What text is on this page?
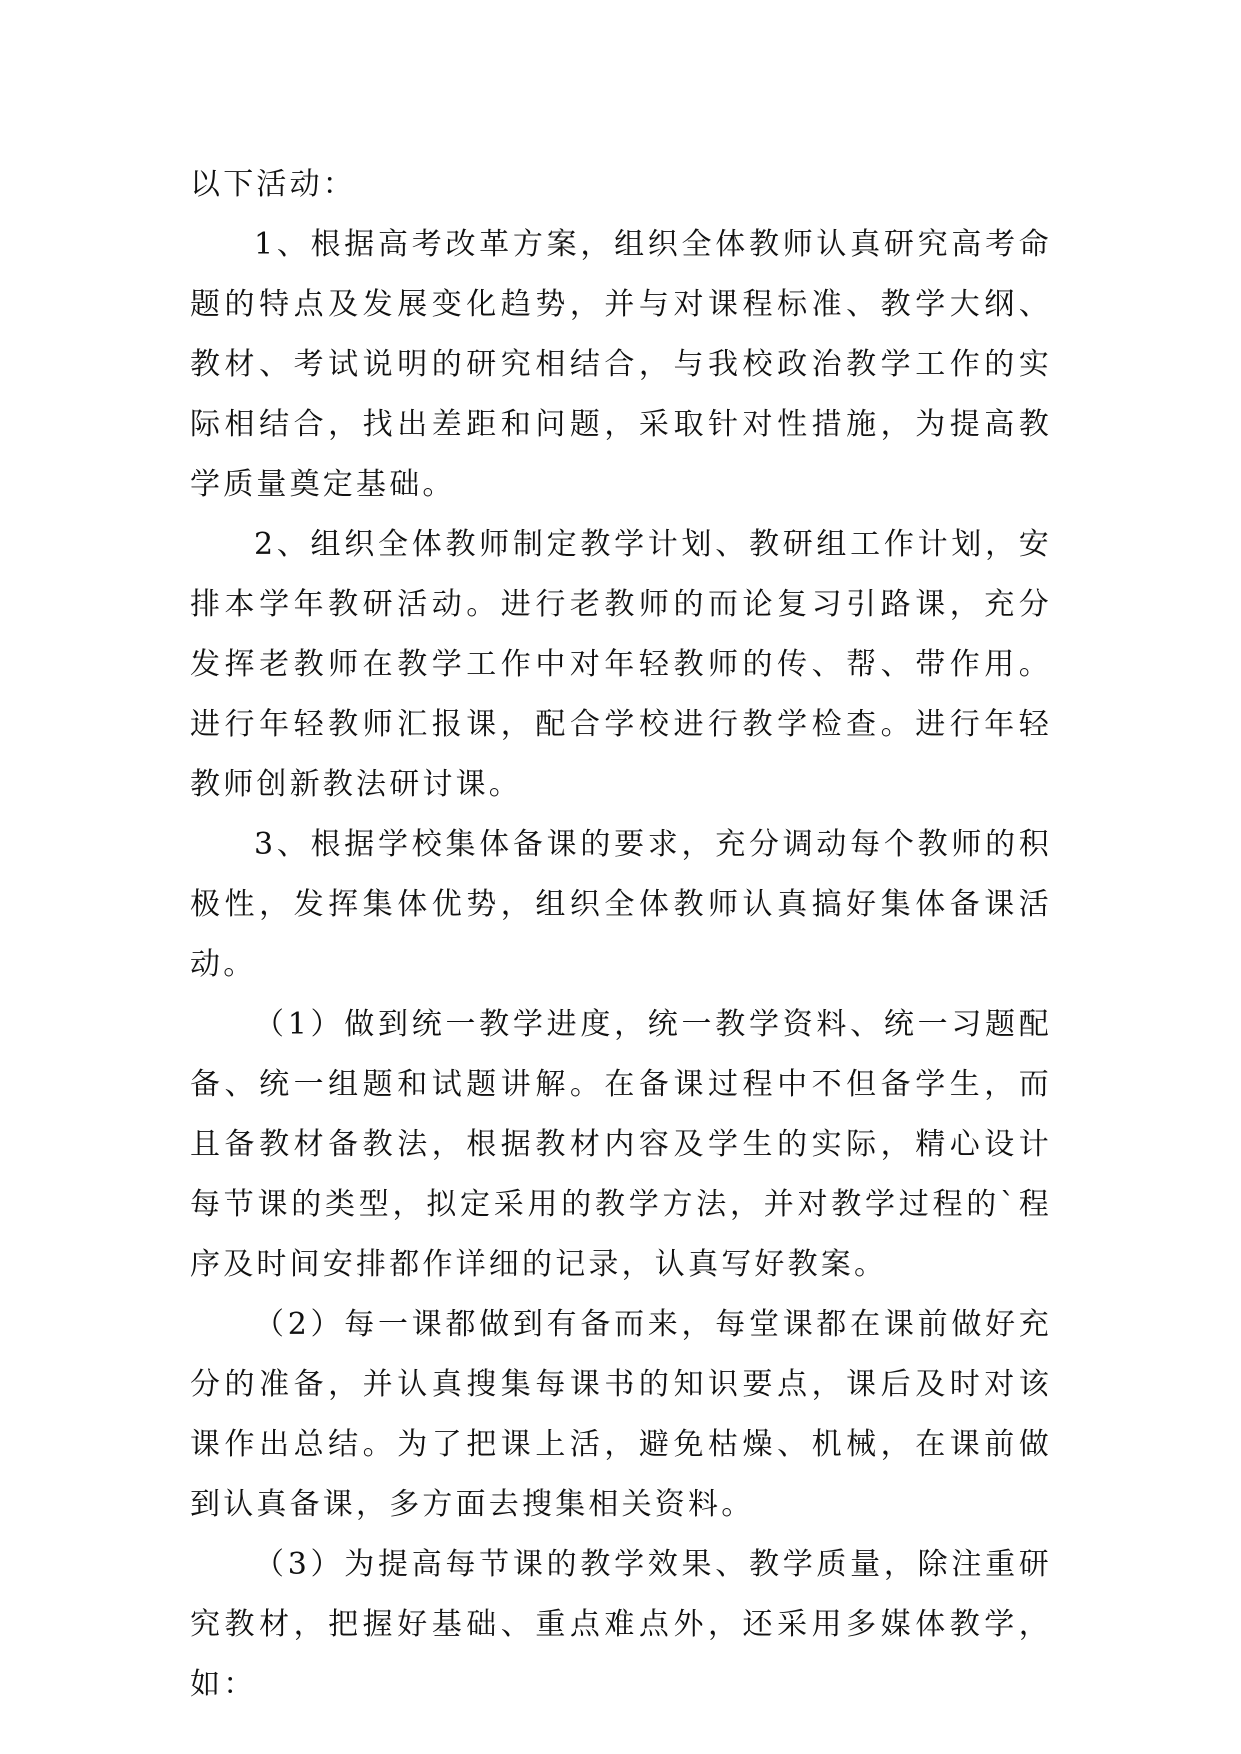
以下活动：

1、根据高考改革方案，组织全体教师认真研究高考命题的特点及发展变化趋势，并与对课程标准、教学大纲、教材、考试说明的研究相结合，与我校政治教学工作的实际相结合，找出差距和问题，采取针对性措施，为提高教学质量奠定基础。

2、组织全体教师制定教学计划、教研组工作计划，安排本学年教研活动。进行老教师的而论复习引路课，充分发挥老教师在教学工作中对年轻教师的传、帮、带作用。进行年轻教师汇报课，配合学校进行教学检查。进行年轻教师创新教法研讨课。

3、根据学校集体备课的要求，充分调动每个教师的积极性，发挥集体优势，组织全体教师认真搞好集体备课活动。

（1）做到统一教学进度，统一教学资料、统一习题配备、统一组题和试题讲解。在备课过程中不但备学生，而且备教材备教法，根据教材内容及学生的实际，精心设计每节课的类型，拟定采用的教学方法，并对教学过程的`程序及时间安排都作详细的记录，认真写好教案。

（2）每一课都做到有备而来，每堂课都在课前做好充分的准备，并认真搜集每课书的知识要点，课后及时对该课作出总结。为了把课上活，避免枯燥、机械，在课前做到认真备课，多方面去搜集相关资料。

（3）为提高每节课的教学效果、教学质量，除注重研究教材，把握好基础、重点难点外，还采用多媒体教学，如：
